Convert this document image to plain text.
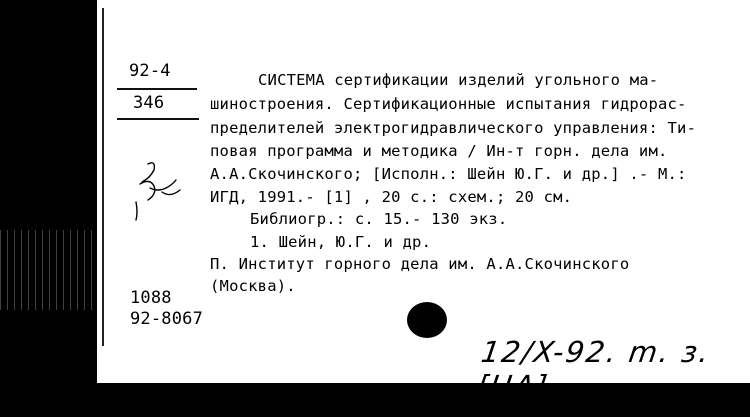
92-4
346
СИСТЕМА сертификации изделий угольного ма-
шиностроения. Сертификационные испытания гидрорас-
пределителей электрогидравлического управления: Ти-
повая программа и методика / Ин-т горн. дела им.
А.А.Скочинского; [Исполн.: Шейн Ю.Г. и др.] .- М.:
ИГД, 1991.- [1] , 20 с.: схем.; 20 см.
Библиогр.: с. 15.- 130 экз.
1. Шейн, Ю.Г. и др.
П. Институт горного дела им. А.А.Скочинского
(Москва).
1088
92-8067
12/X-92. m. з.
